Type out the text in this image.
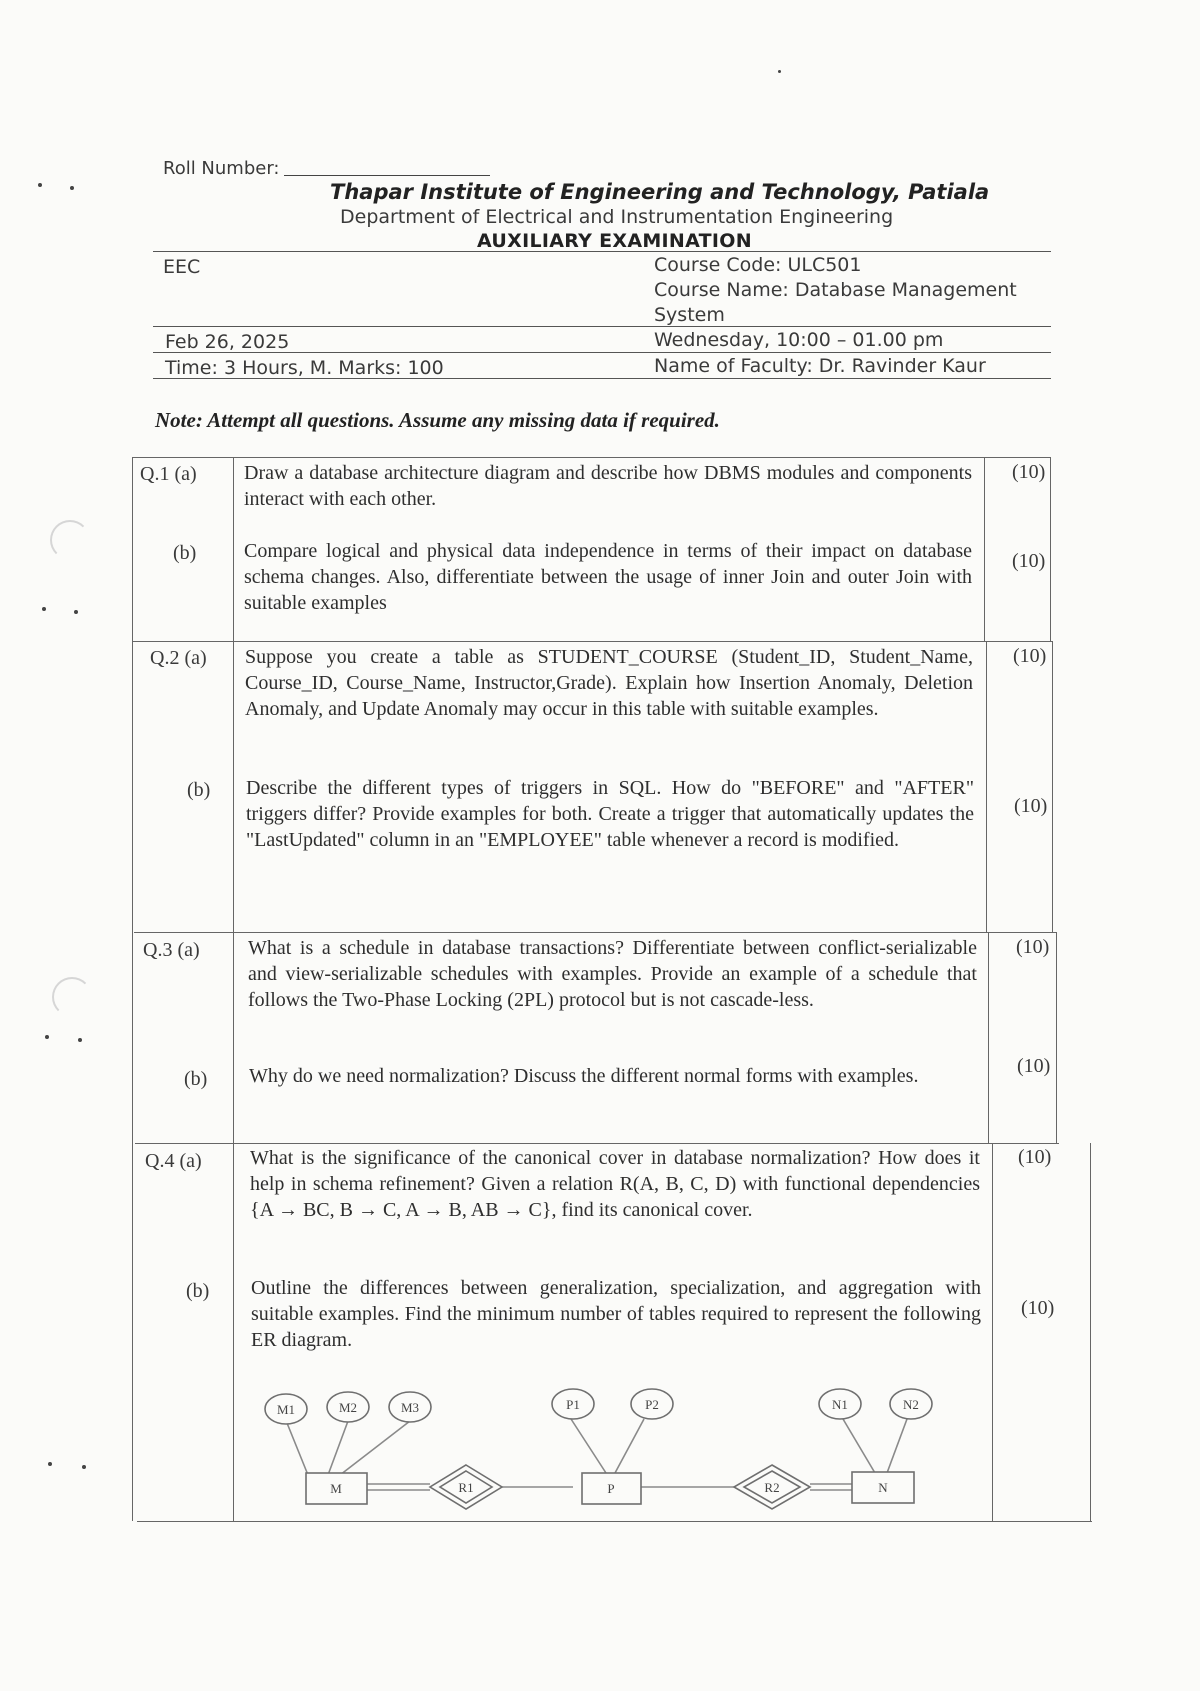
Roll Number:
Thapar Institute of Engineering and Technology, Patiala
Department of Electrical and Instrumentation Engineering
AUXILIARY EXAMINATION
EEC	Course Code: ULC501
Course Name: Database Management
System
Feb 26, 2025	Wednesday, 10:00 – 01.00 pm
Time: 3 Hours, M. Marks: 100	Name of Faculty: Dr. Ravinder Kaur
Note: Attempt all questions. Assume any missing data if required.
Q.1 (a) Draw a database architecture diagram and describe how DBMS modules and components interact with each other.
(10)
(b) Compare logical and physical data independence in terms of their impact on database schema changes. Also, differentiate between the usage of inner Join and outer Join with suitable examples
(10)
Q.2 (a) Suppose you create a table as STUDENT_COURSE (Student_ID, Student_Name, Course_ID, Course_Name, Instructor,Grade). Explain how Insertion Anomaly, Deletion Anomaly, and Update Anomaly may occur in this table with suitable examples.
(10)
(b) Describe the different types of triggers in SQL. How do "BEFORE" and "AFTER" triggers differ? Provide examples for both. Create a trigger that automatically updates the "LastUpdated" column in an "EMPLOYEE" table whenever a record is modified.
(10)
Q.3 (a) What is a schedule in database transactions? Differentiate between conflict-serializable and view-serializable schedules with examples. Provide an example of a schedule that follows the Two-Phase Locking (2PL) protocol but is not cascade-less.
(10)
(b) Why do we need normalization? Discuss the different normal forms with examples.	(10)
Q.4 (a) What is the significance of the canonical cover in database normalization? How does it help in schema refinement? Given a relation R(A, B, C, D) with functional dependencies {A → BC, B → C, A → B, AB → C}, find its canonical cover.
(10)
(b) Outline the differences between generalization, specialization, and aggregation with suitable examples. Find the minimum number of tables required to represent the following ER diagram.
(10)
M1	M2	M3	P1	P2	N1	N2
M	P	N
R1	R2
